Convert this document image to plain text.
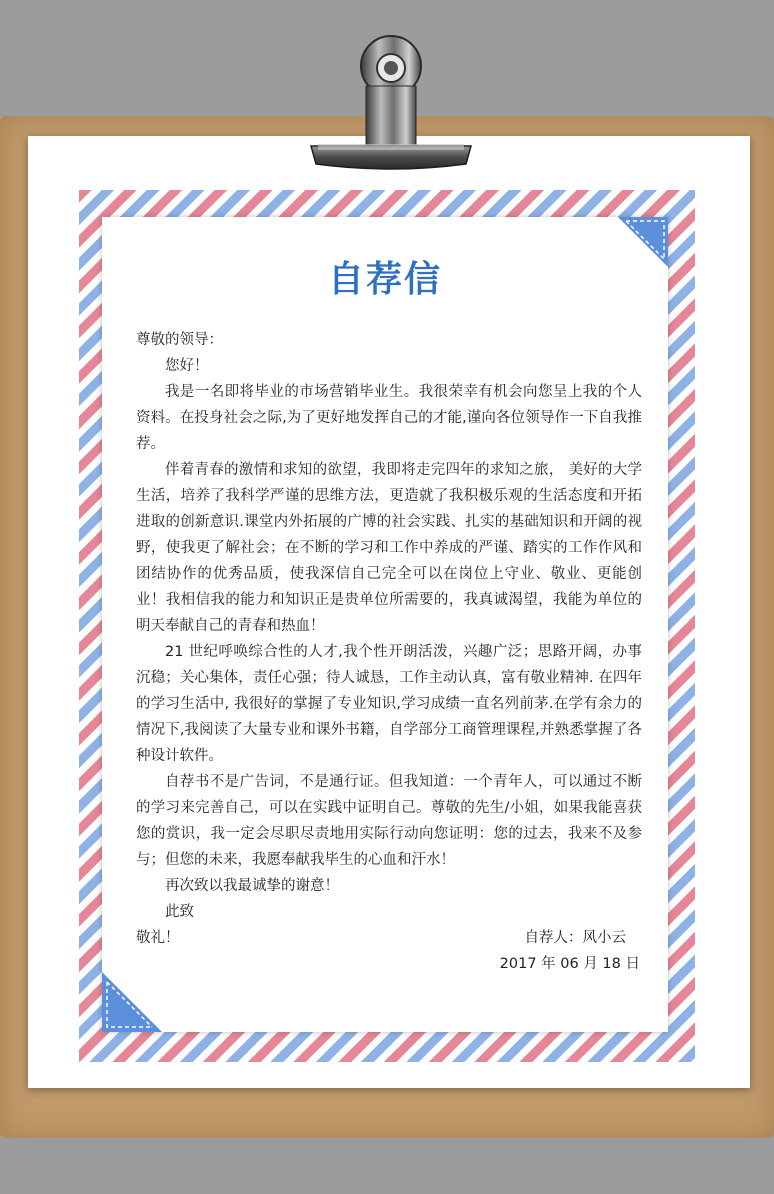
自荐信

尊敬的领导：

您好！

我是一名即将毕业的市场营销毕业生。我很荣幸有机会向您呈上我的个人资料。在投身社会之际,为了更好地发挥自己的才能,谨向各位领导作一下自我推荐。

伴着青春的激情和求知的欲望，我即将走完四年的求知之旅， 美好的大学生活，培养了我科学严谨的思维方法，更造就了我积极乐观的生活态度和开拓进取的创新意识.课堂内外拓展的广博的社会实践、扎实的基础知识和开阔的视野，使我更了解社会；在不断的学习和工作中养成的严谨、踏实的工作作风和团结协作的优秀品质，使我深信自己完全可以在岗位上守业、敬业、更能创业！我相信我的能力和知识正是贵单位所需要的，我真诚渴望，我能为单位的明天奉献自己的青春和热血！

21 世纪呼唤综合性的人才,我个性开朗活泼，兴趣广泛；思路开阔，办事沉稳；关心集体，责任心强；待人诚恳，工作主动认真，富有敬业精神. 在四年的学习生活中, 我很好的掌握了专业知识,学习成绩一直名列前茅.在学有余力的情况下,我阅读了大量专业和课外书籍，自学部分工商管理课程,并熟悉掌握了各种设计软件。

自荐书不是广告词，不是通行证。但我知道：一个青年人，可以通过不断的学习来完善自己，可以在实践中证明自己。尊敬的先生/小姐，如果我能喜获您的赏识，我一定会尽职尽责地用实际行动向您证明：您的过去，我来不及参与；但您的未来，我愿奉献我毕生的心血和汗水！

再次致以我最诚挚的谢意！

此致

敬礼！	自荐人：风小云
2017 年 06 月 18 日
